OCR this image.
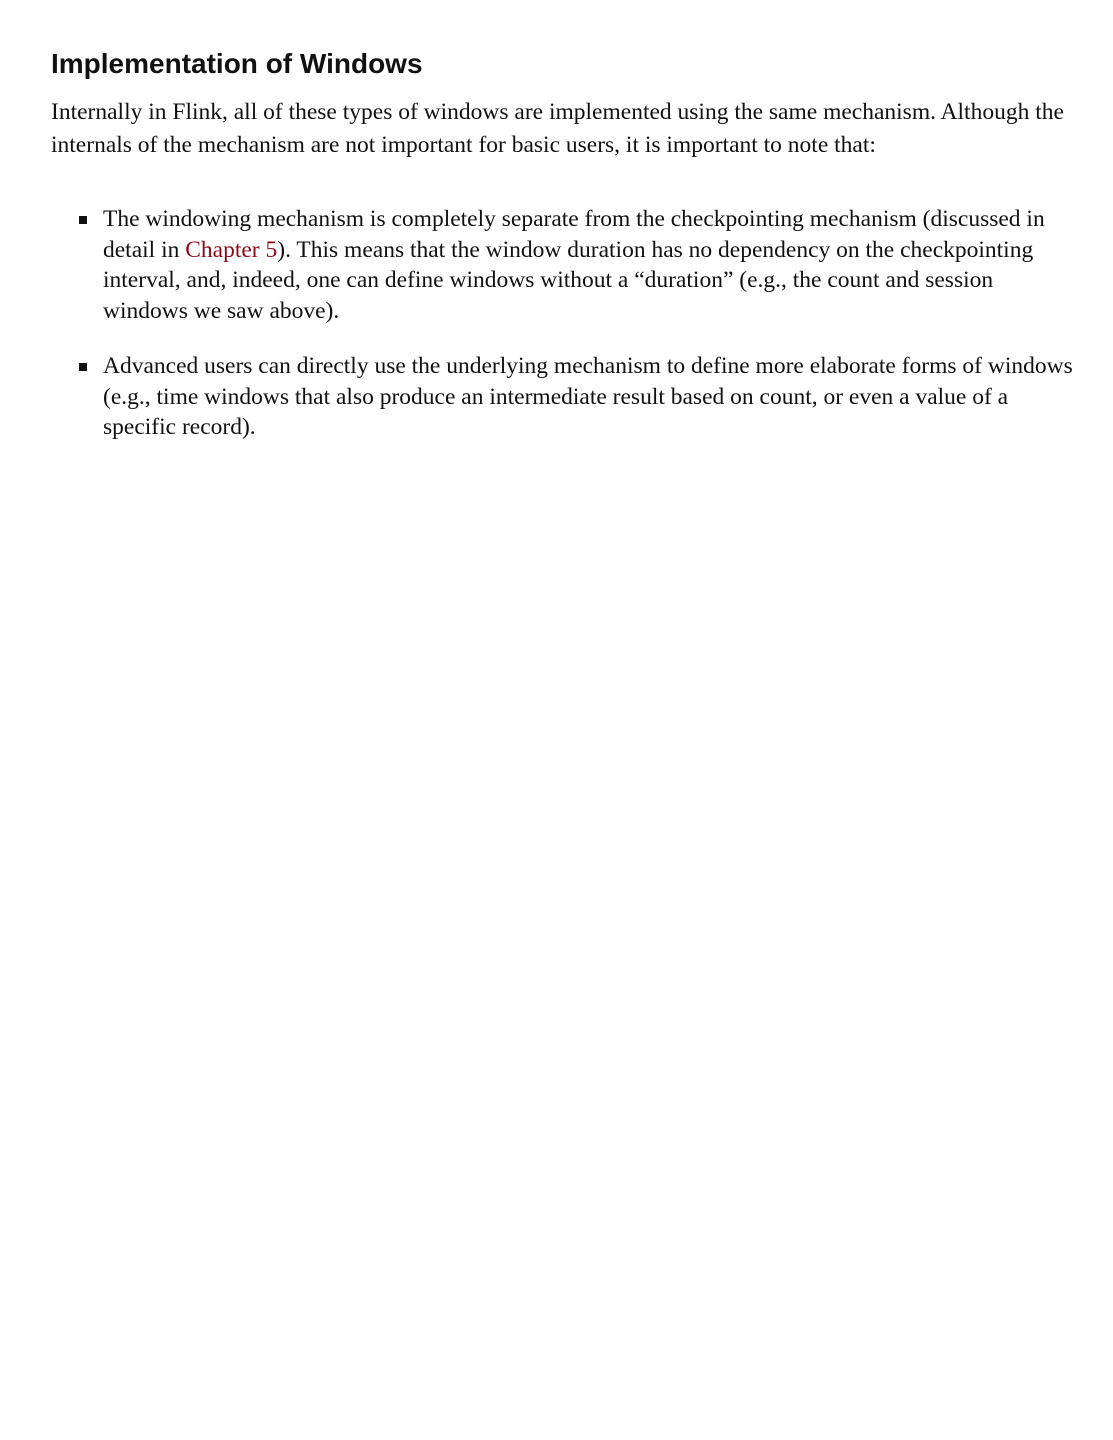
Implementation of Windows

Internally in Flink, all of these types of windows are implemented using the same mechanism. Although the internals of the mechanism are not important for basic users, it is important to note that:

The windowing mechanism is completely separate from the checkpointing mechanism (discussed in detail in Chapter 5). This means that the window duration has no dependency on the checkpointing interval, and, indeed, one can define windows without a “duration” (e.g., the count and session windows we saw above).
Advanced users can directly use the underlying mechanism to define more elaborate forms of windows (e.g., time windows that also produce an intermediate result based on count, or even a value of a specific record).
